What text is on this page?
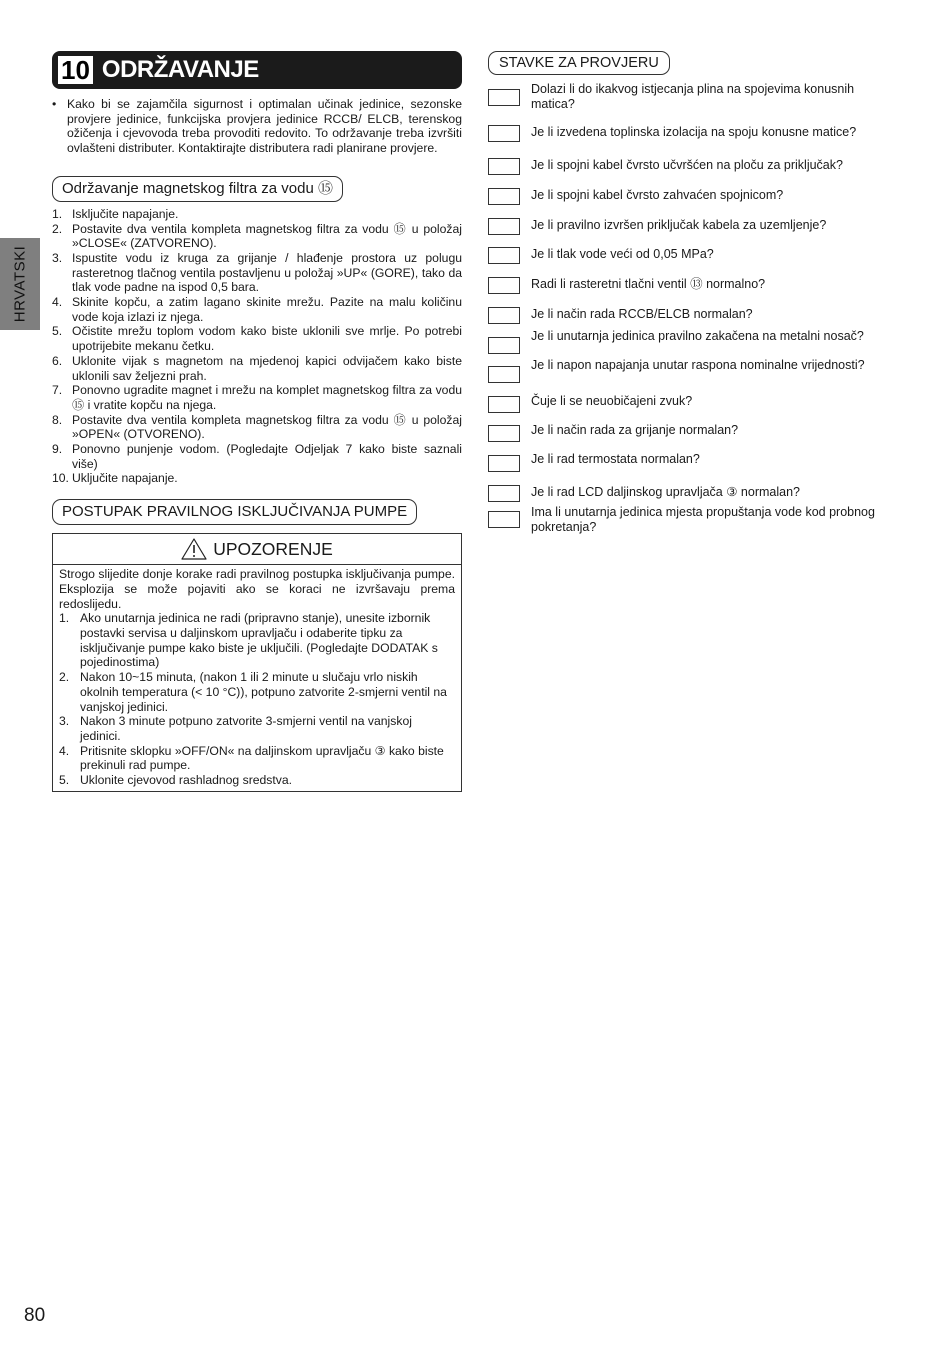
HRVATSKI
80
10 ODRŽAVANJE
• Kako bi se zajamčila sigurnost i optimalan učinak jedinice, sezonske provjere jedinice, funkcijska provjera jedinice RCCB/ ELCB, terenskog ožičenja i cjevovoda treba provoditi redovito. To održavanje treba izvršiti ovlašteni distributer. Kontaktirajte distributera radi planirane provjere.
Održavanje magnetskog filtra za vodu ⑮
1. Isključite napajanje.
2. Postavite dva ventila kompleta magnetskog filtra za vodu ⑮ u položaj »CLOSE« (ZATVORENO).
3. Ispustite vodu iz kruga za grijanje / hlađenje prostora uz polugu rasteretnog tlačnog ventila postavljenu u položaj »UP« (GORE), tako da tlak vode padne na ispod 0,5 bara.
4. Skinite kopču, a zatim lagano skinite mrežu. Pazite na malu količinu vode koja izlazi iz njega.
5. Očistite mrežu toplom vodom kako biste uklonili sve mrlje. Po potrebi upotrijebite mekanu četku.
6. Uklonite vijak s magnetom na mjedenoj kapici odvijačem kako biste uklonili sav željezni prah.
7. Ponovno ugradite magnet i mrežu na komplet magnetskog filtra za vodu ⑮ i vratite kopču na njega.
8. Postavite dva ventila kompleta magnetskog filtra za vodu ⑮ u položaj »OPEN« (OTVORENO).
9. Ponovno punjenje vodom. (Pogledajte Odjeljak 7 kako biste saznali više)
10. Uključite napajanje.
POSTUPAK PRAVILNOG ISKLJUČIVANJA PUMPE
UPOZORENJE
Strogo slijedite donje korake radi pravilnog postupka isključivanja pumpe. Eksplozija se može pojaviti ako se koraci ne izvršavaju prema redoslijedu.
1. Ako unutarnja jedinica ne radi (pripravno stanje), unesite izbornik postavki servisa u daljinskom upravljaču i odaberite tipku za isključivanje pumpe kako biste je uključili. (Pogledajte DODATAK s pojedinostima)
2. Nakon 10~15 minuta, (nakon 1 ili 2 minute u slučaju vrlo niskih okolnih temperatura (< 10 °C)), potpuno zatvorite 2-smjerni ventil na vanjskoj jedinici.
3. Nakon 3 minute potpuno zatvorite 3-smjerni ventil na vanjskoj jedinici.
4. Pritisnite sklopku »OFF/ON« na daljinskom upravljaču ③ kako biste prekinuli rad pumpe.
5. Uklonite cjevovod rashladnog sredstva.
STAVKE ZA PROVJERU
Dolazi li do ikakvog istjecanja plina na spojevima konusnih matica?
Je li izvedena toplinska izolacija na spoju konusne matice?
Je li spojni kabel čvrsto učvršćen na ploču za priključak?
Je li spojni kabel čvrsto zahvaćen spojnicom?
Je li pravilno izvršen priključak kabela za uzemljenje?
Je li tlak vode veći od 0,05 MPa?
Radi li rasteretni tlačni ventil ⑬ normalno?
Je li način rada RCCB/ELCB normalan?
Je li unutarnja jedinica pravilno zakačena na metalni nosač?
Je li napon napajanja unutar raspona nominalne vrijednosti?
Čuje li se neuobičajeni zvuk?
Je li način rada za grijanje normalan?
Je li rad termostata normalan?
Je li rad LCD daljinskog upravljača ③ normalan?
Ima li unutarnja jedinica mjesta propuštanja vode kod probnog pokretanja?
